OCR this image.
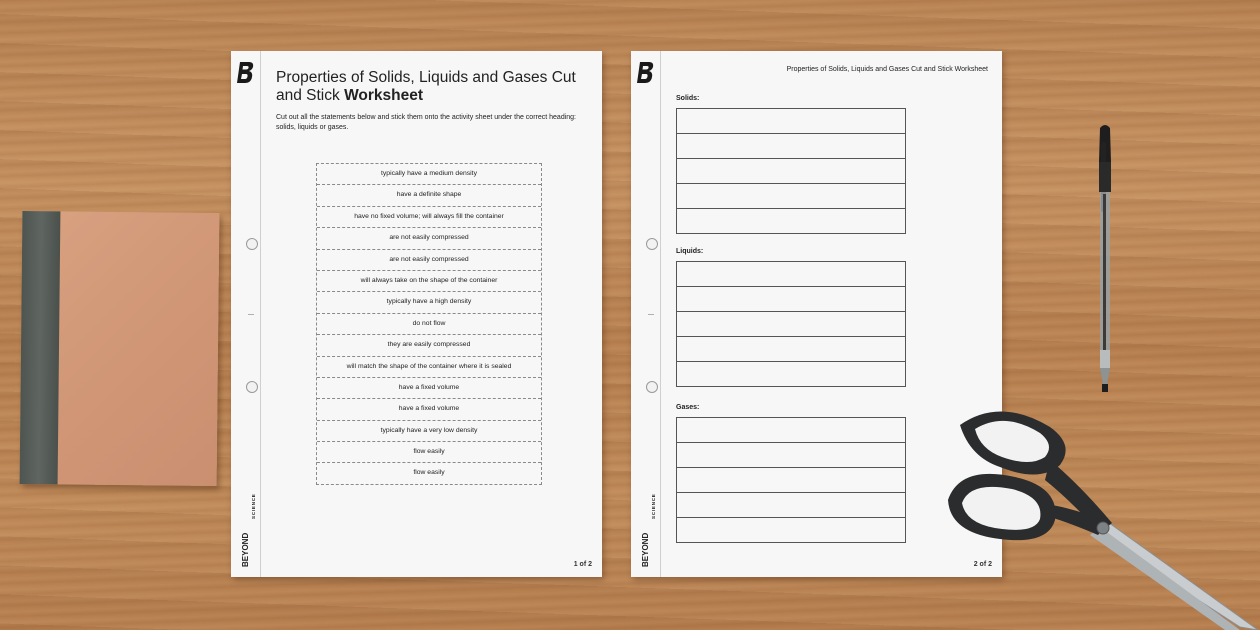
Properties of Solids, Liquids and Gases Cut and Stick Worksheet
Cut out all the statements below and stick them onto the activity sheet under the correct heading: solids, liquids or gases.
typically have a medium density
have a definite shape
have no fixed volume; will always fill the container
are not easily compressed
are not easily compressed
will always take on the shape of the container
typically have a high density
do not flow
they are easily compressed
will match the shape of the container where it is sealed
have a fixed volume
have a fixed volume
typically have a very low density
flow easily
flow easily
BEYOND
SCIENCE
1 of 2
Properties of Solids, Liquids and Gases Cut and Stick Worksheet
Solids:
Liquids:
Gases:
BEYOND
SCIENCE
2 of 2
